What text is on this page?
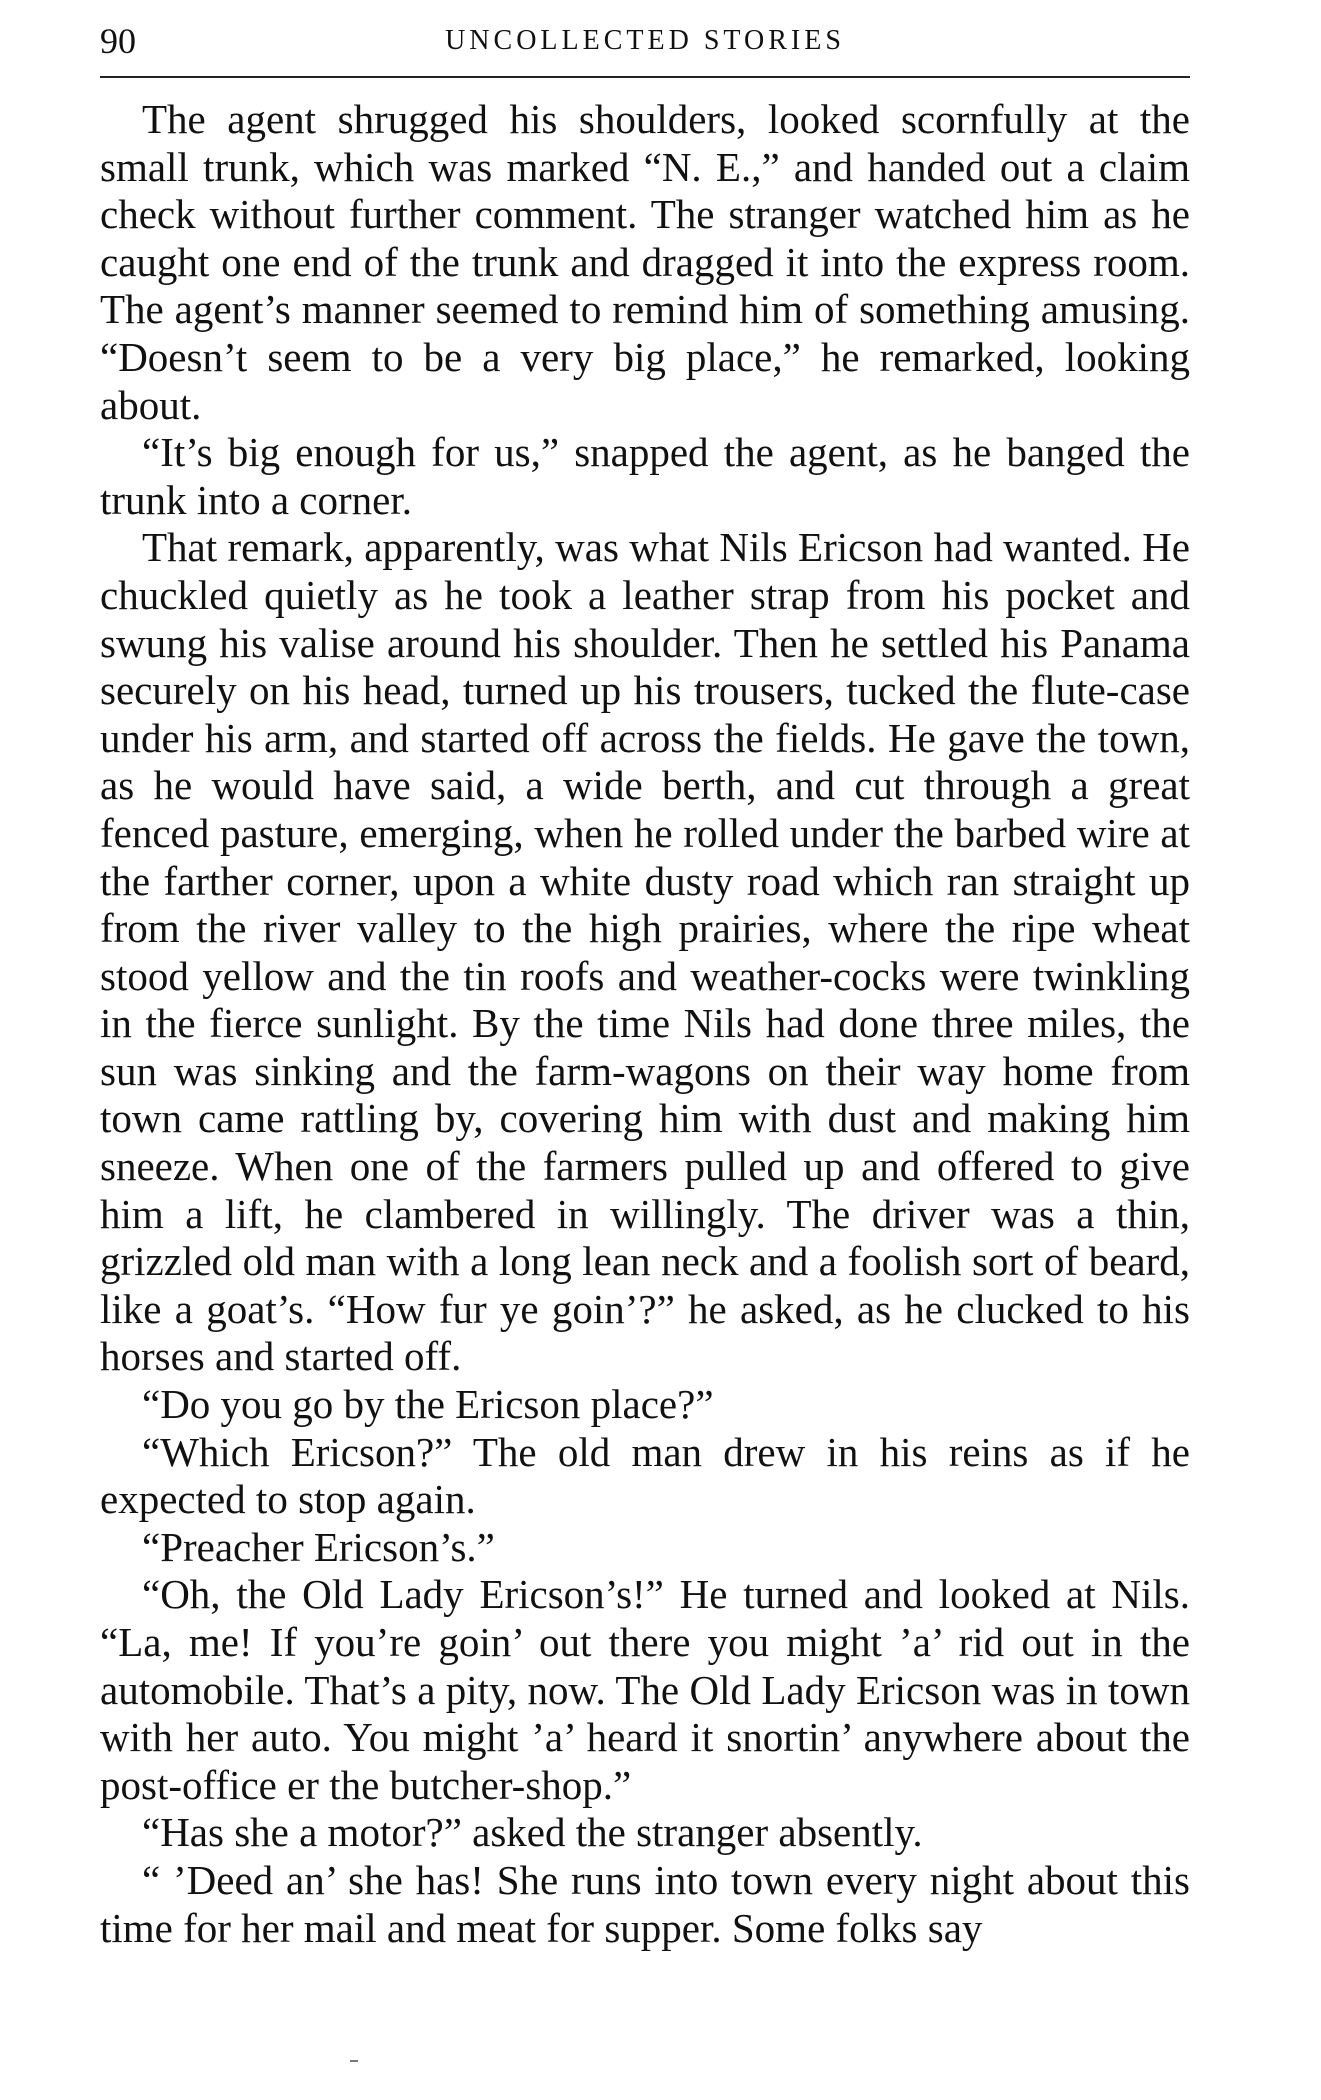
90	UNCOLLECTED STORIES

The agent shrugged his shoulders, looked scornfully at the small trunk, which was marked “N. E.,” and handed out a claim check without further comment. The stranger watched him as he caught one end of the trunk and dragged it into the express room. The agent’s manner seemed to remind him of something amusing. “Doesn’t seem to be a very big place,” he remarked, looking about.

“It’s big enough for us,” snapped the agent, as he banged the trunk into a corner.

That remark, apparently, was what Nils Ericson had wanted. He chuckled quietly as he took a leather strap from his pocket and swung his valise around his shoulder. Then he settled his Panama securely on his head, turned up his trousers, tucked the flute-case under his arm, and started off across the fields. He gave the town, as he would have said, a wide berth, and cut through a great fenced pasture, emerging, when he rolled under the barbed wire at the farther corner, upon a white dusty road which ran straight up from the river valley to the high prairies, where the ripe wheat stood yellow and the tin roofs and weather-cocks were twinkling in the fierce sunlight. By the time Nils had done three miles, the sun was sinking and the farm-wagons on their way home from town came rattling by, covering him with dust and making him sneeze. When one of the farmers pulled up and offered to give him a lift, he clambered in willingly. The driver was a thin, grizzled old man with a long lean neck and a foolish sort of beard, like a goat’s. “How fur ye goin’?” he asked, as he clucked to his horses and started off.

“Do you go by the Ericson place?”

“Which Ericson?” The old man drew in his reins as if he expected to stop again.

“Preacher Ericson’s.”

“Oh, the Old Lady Ericson’s!” He turned and looked at Nils. “La, me! If you’re goin’ out there you might ’a’ rid out in the automobile. That’s a pity, now. The Old Lady Ericson was in town with her auto. You might ’a’ heard it snortin’ anywhere about the post-office er the butcher-shop.”

“Has she a motor?” asked the stranger absently.

“ ’Deed an’ she has! She runs into town every night about this time for her mail and meat for supper. Some folks say
